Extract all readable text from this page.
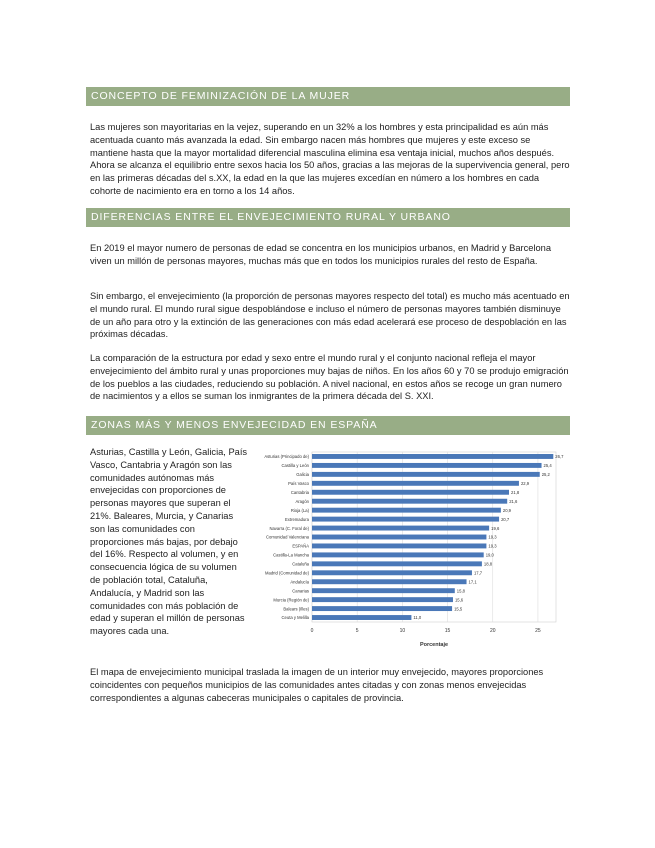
CONCEPTO DE FEMINIZACIÓN DE LA MUJER

Las mujeres son mayoritarias en la vejez, superando en un 32% a los hombres y esta principalidad es aún más acentuada cuanto más avanzada la edad. Sin embargo nacen más hombres que mujeres y este exceso se mantiene hasta que la mayor mortalidad diferencial masculina elimina esa ventaja inicial, muchos años después. Ahora se alcanza el equilibrio entre sexos hacia los 50 años, gracias a las mejoras de la supervivencia general, pero en las primeras décadas del s.XX, la edad en la que las mujeres excedían en número a los hombres en cada cohorte de nacimiento era en torno a los 14 años.

DIFERENCIAS ENTRE EL ENVEJECIMIENTO RURAL Y URBANO

En 2019 el mayor numero de personas de edad se concentra en los municipios urbanos, en Madrid y Barcelona viven un millón de personas mayores, muchas más que en todos los municipios rurales del resto de España.

Sin embargo, el envejecimiento (la proporción de personas mayores respecto del total) es mucho más acentuado en el mundo rural. El mundo rural sigue despoblándose e incluso el número de personas mayores también disminuye de un año para otro y la extinción de las generaciones con más edad acelerará ese proceso de despoblación en las próximas décadas.

La comparación de la estructura por edad y sexo entre el mundo rural y el conjunto nacional refleja el mayor envejecimiento del ámbito rural y unas proporciones muy bajas de niños. En los años 60 y 70 se produjo emigración de los pueblos a las ciudades, reduciendo su población. A nivel nacional, en estos años se recoge un gran numero de nacimientos y a ellos se suman los inmigrantes de la primera década del S. XXI.

ZONAS MÁS Y MENOS ENVEJECIDAD EN ESPAÑA

Asturias, Castilla y León, Galicia, País Vasco, Cantabria y Aragón son las comunidades autónomas más envejecidas con proporciones de personas mayores que superan el 21%. Baleares, Murcia, y Canarias son las comunidades con proporciones más bajas, por debajo del 16%. Respecto al volumen, y en consecuencia lógica de su volumen de población total, Cataluña, Andalucía, y Madrid son las comunidades con más población de edad y superan el millón de personas mayores cada una.	0	5	10	15	20	25
Asturias (Principado de)	26,7
Castilla y León	25,4
Galicia	25,2
País Vasco	22,9
Cantabria	21,8
Aragón	21,6
Rioja (La)	20,9
Extremadura	20,7
Navarra (C. Foral de)	19,6
Comunidad Valenciana	19,3
ESPAÑA	19,3
Castilla-La Mancha	19,0
Cataluña	18,8
Madrid (Comunidad de)	17,7
Andalucía	17,1
Canarias	15,8
Murcia (Región de)	15,6
Balears (Illes)	15,5
Ceuta y Melilla	11,0
Porcentaje

El mapa de envejecimiento municipal traslada la imagen de un interior muy envejecido, mayores proporciones coincidentes con pequeños municipios de las comunidades antes citadas y con zonas menos envejecidas correspondientes a algunas cabeceras municipales o capitales de provincia.
